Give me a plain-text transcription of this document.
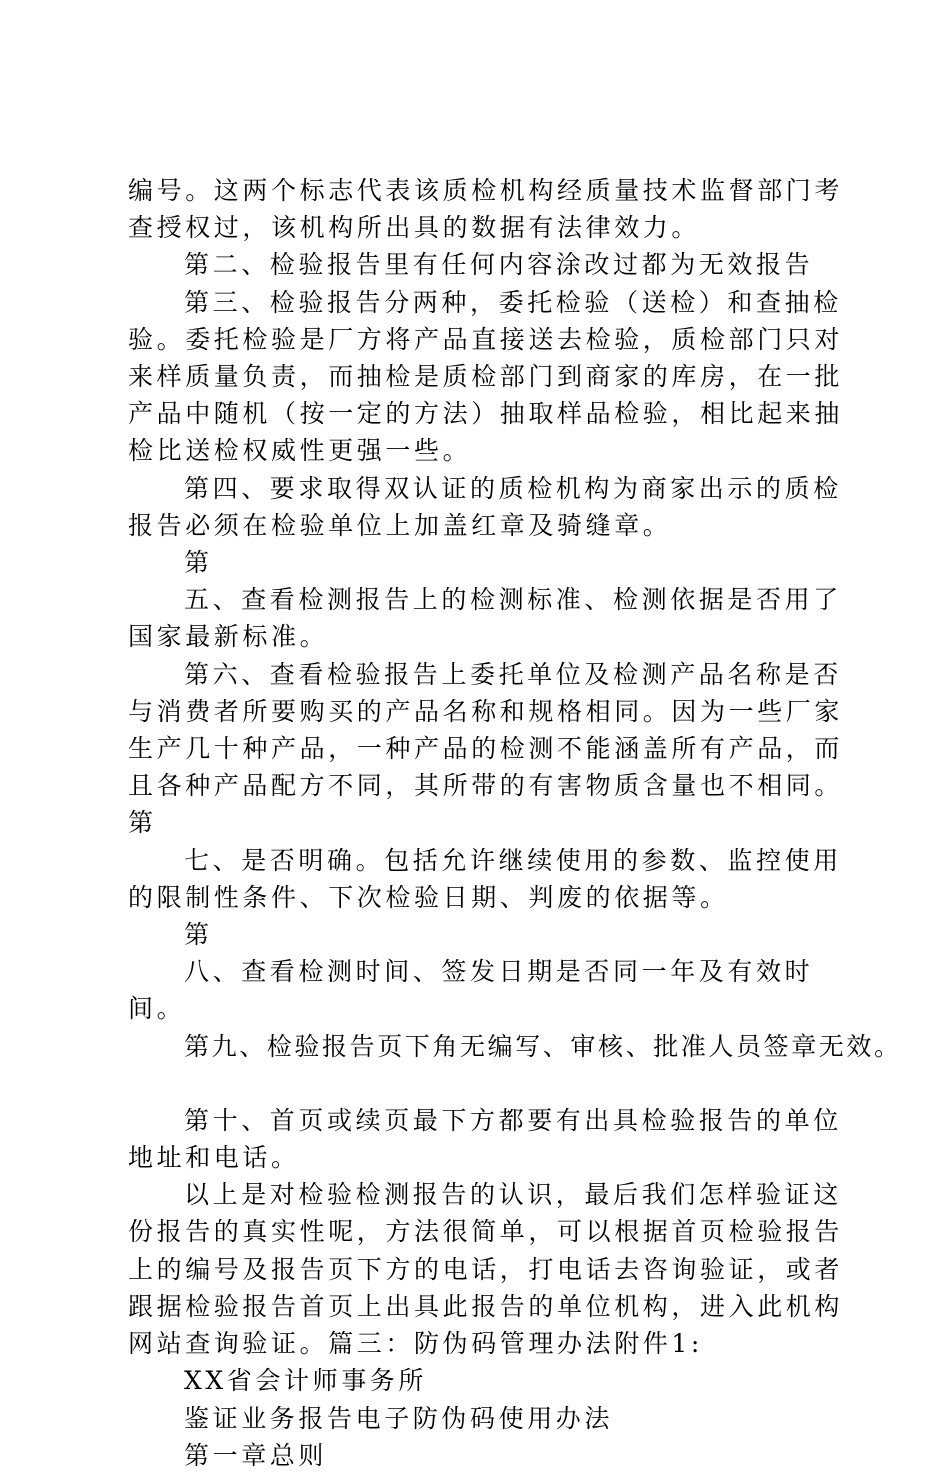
编号。这两个标志代表该质检机构经质量技术监督部门考查授权过，该机构所出具的数据有法律效力。

第二、检验报告里有任何内容涂改过都为无效报告

第三、检验报告分两种，委托检验（送检）和查抽检验。委托检验是厂方将产品直接送去检验，质检部门只对来样质量负责，而抽检是质检部门到商家的库房，在一批产品中随机（按一定的方法）抽取样品检验，相比起来抽检比送检权威性更强一些。

第四、要求取得双认证的质检机构为商家出示的质检报告必须在检验单位上加盖红章及骑缝章。

第

五、查看检测报告上的检测标准、检测依据是否用了国家最新标准。

第六、查看检验报告上委托单位及检测产品名称是否与消费者所要购买的产品名称和规格相同。因为一些厂家生产几十种产品，一种产品的检测不能涵盖所有产品，而且各种产品配方不同，其所带的有害物质含量也不相同。第

七、是否明确。包括允许继续使用的参数、监控使用的限制性条件、下次检验日期、判废的依据等。

第

八、查看检测时间、签发日期是否同一年及有效时间。

第九、检验报告页下角无编写、审核、批准人员签章无效。

第十、首页或续页最下方都要有出具检验报告的单位地址和电话。

以上是对检验检测报告的认识，最后我们怎样验证这份报告的真实性呢，方法很简单，可以根据首页检验报告上的编号及报告页下方的电话，打电话去咨询验证，或者跟据检验报告首页上出具此报告的单位机构，进入此机构网站查询验证。篇三：防伪码管理办法附件1:

XX省会计师事务所

鉴证业务报告电子防伪码使用办法

第一章总则
